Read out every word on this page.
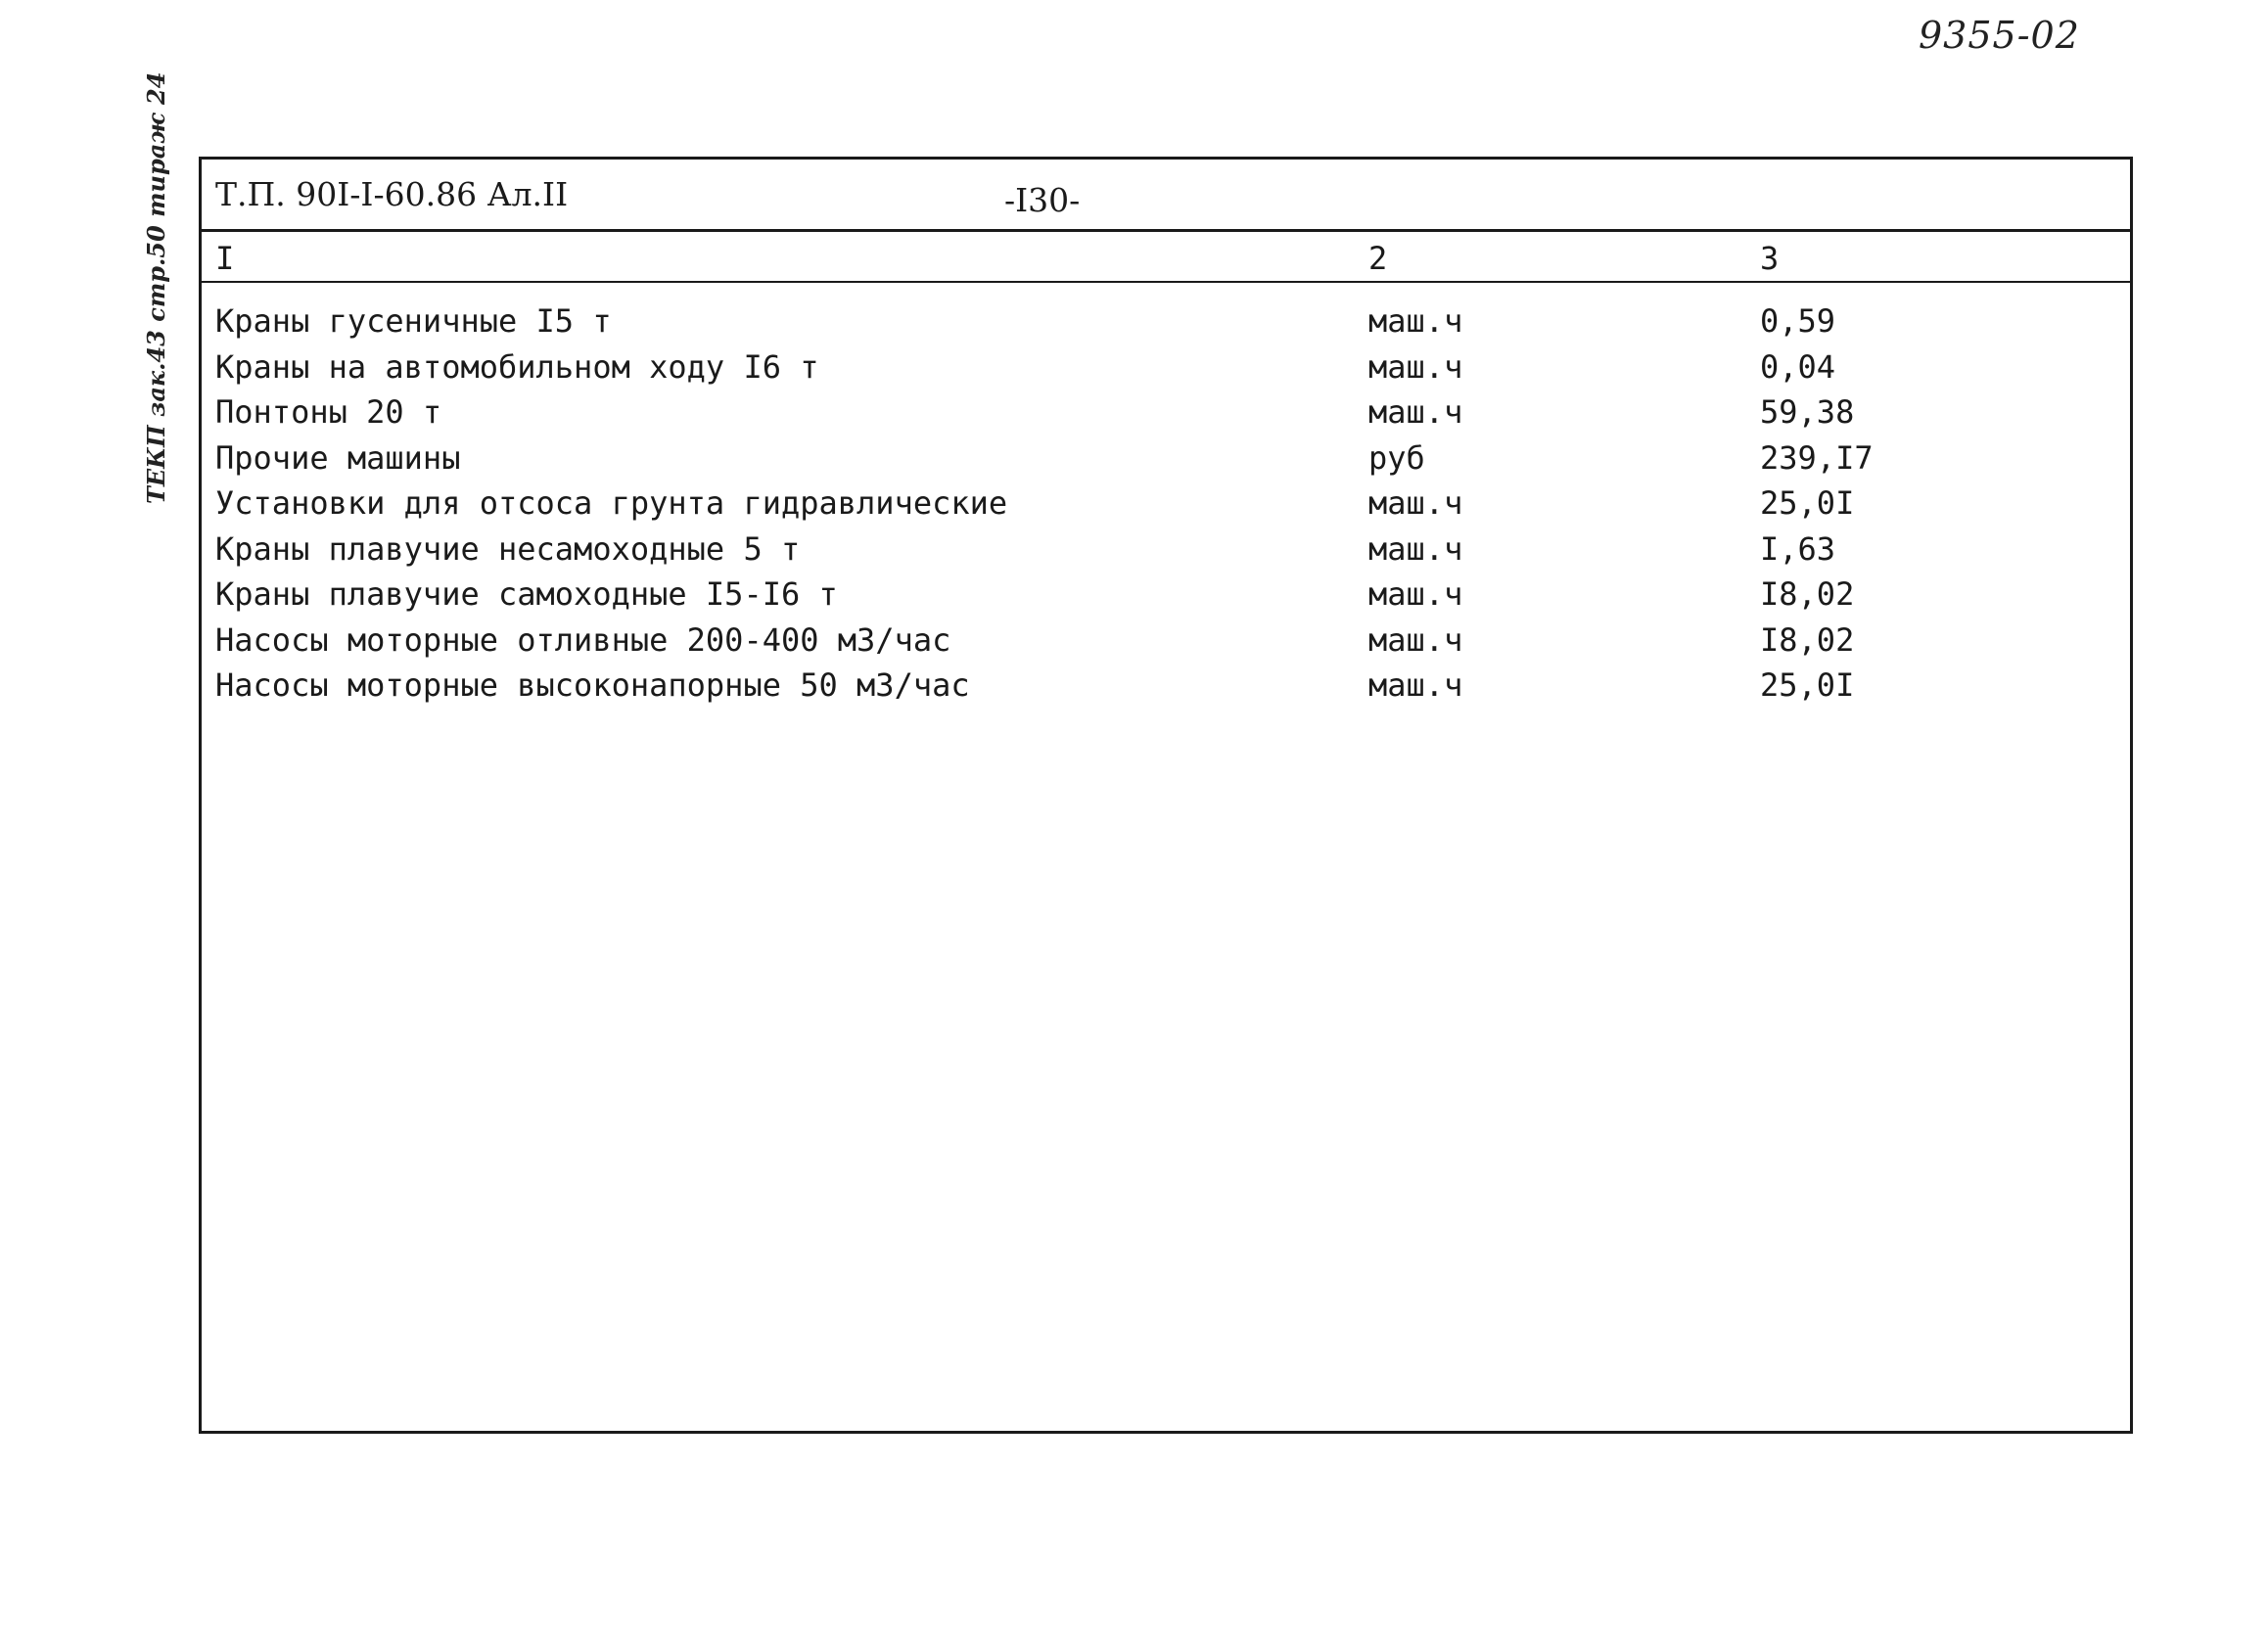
9355-02
ТЕКП зак.43 стр.50 тираж 24 Т.П. 90I-I-60.86 Ал.II	-I30-
I	2	3
Краны гусеничные I5 т	маш.ч	0,59
Краны на автомобильном ходу I6 т	маш.ч	0,04
Понтоны 20 т	маш.ч	59,38
Прочие машины	руб	239,I7
Установки для отсоса грунта гидравлические	маш.ч	25,0I
Краны плавучие несамоходные 5 т	маш.ч	I,63
Краны плавучие самоходные I5-I6 т	маш.ч	I8,02
Насосы моторные отливные 200-400 м3/час	маш.ч	I8,02
Насосы моторные высоконапорные 50 м3/час	маш.ч	25,0I
